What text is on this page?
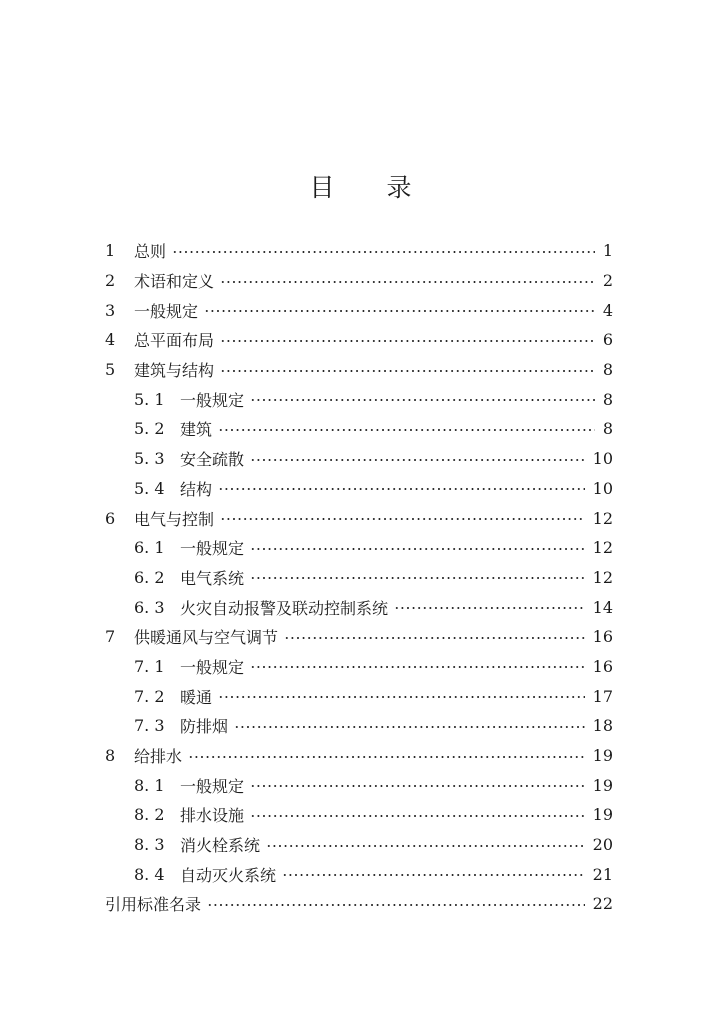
目录
1	总则	1
2	术语和定义	2
3	一般规定	4
4	总平面布局	6
5	建筑与结构	8
5. 1 一般规定	8
5. 2 建筑	8
5. 3 安全疏散	10
5. 4 结构	10
6	电气与控制	12
6. 1 一般规定	12
6. 2 电气系统	12
6. 3 火灾自动报警及联动控制系统	14
7	供暖通风与空气调节	16
7. 1 一般规定	16
7. 2 暖通	17
7. 3 防排烟	18
8	给排水	19
8. 1 一般规定	19
8. 2 排水设施	19
8. 3 消火栓系统	20
8. 4 自动灭火系统	21
引用标准名录	22
